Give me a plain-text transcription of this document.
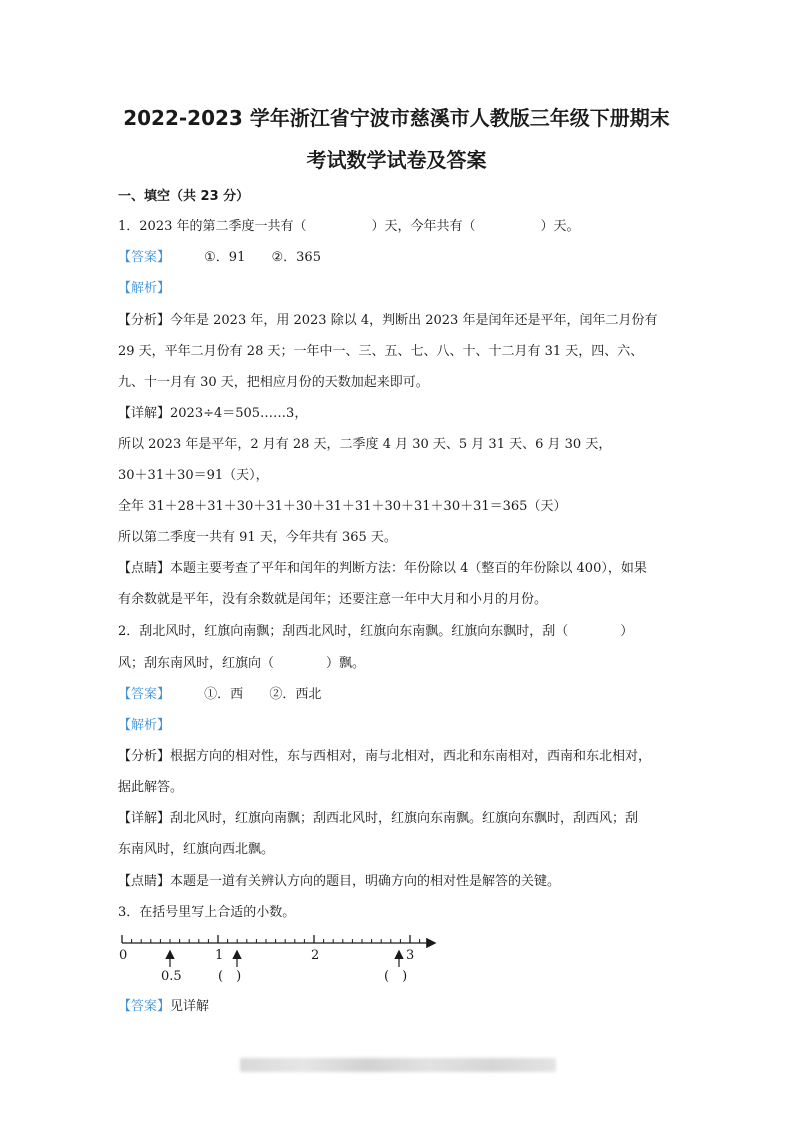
2022-2023 学年浙江省宁波市慈溪市人教版三年级下册期末
考试数学试卷及答案
一、填空（共 23 分）
1．2023 年的第二季度一共有（　　　　　）天，今年共有（　　　　　）天。
【答案】	①．91 ②．365
【解析】
【分析】今年是 2023 年，用 2023 除以 4，判断出 2023 年是闰年还是平年，闰年二月份有
29 天，平年二月份有 28 天；一年中一、三、五、七、八、十、十二月有 31 天，四、六、
九、十一月有 30 天，把相应月份的天数加起来即可。
【详解】2023÷4＝505……3，
所以 2023 年是平年，2 月有 28 天，二季度 4 月 30 天、5 月 31 天、6 月 30 天，
30＋31＋30＝91（天），
全年 31＋28＋31＋30＋31＋30＋31＋31＋30＋31＋30＋31＝365（天）
所以第二季度一共有 91 天，今年共有 365 天。
【点睛】本题主要考查了平年和闰年的判断方法：年份除以 4（整百的年份除以 400），如果
有余数就是平年，没有余数就是闰年；还要注意一年中大月和小月的月份。
2．刮北风时，红旗向南飘；刮西北风时，红旗向东南飘。红旗向东飘时，刮（　　　　）
风；刮东南风时，红旗向（　　　　）飘。
【答案】	①．西 ②．西北
【解析】
【分析】根据方向的相对性，东与西相对，南与北相对，西北和东南相对，西南和东北相对，
据此解答。
【详解】刮北风时，红旗向南飘；刮西北风时，红旗向东南飘。红旗向东飘时，刮西风；刮
东南风时，红旗向西北飘。
【点睛】本题是一道有关辨认方向的题目，明确方向的相对性是解答的关键。
3．在括号里写上合适的小数。
0	1	2	3
0.5	(　)	(　)
【答案】见详解
